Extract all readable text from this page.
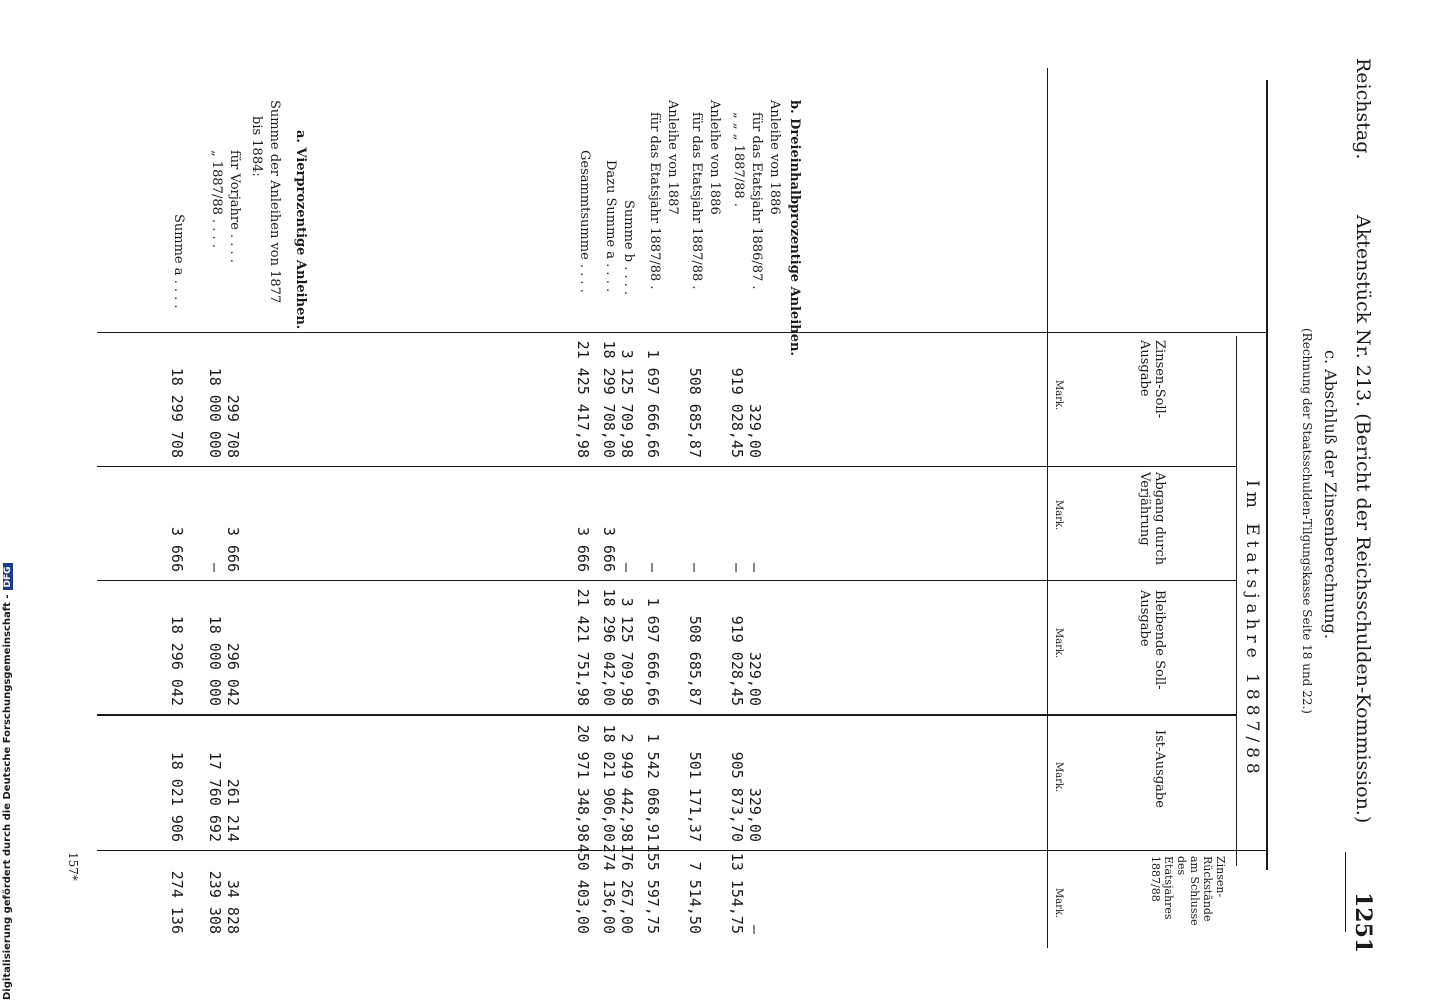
Reichstag.
Aktenstück Nr. 213. (Bericht der Reichsschulden-Kommission.)
1251
c. Abschluß der Zinsenberechnung.
(Rechnung der Staatsschulden-Tilgungskasse Seite 18 und 22.)
Im Etatsjahre 1887/88
Zinsen-Soll-Ausgabe
Abgang durch Verjährung
Bleibende Soll-Ausgabe
Ist-Ausgabe
Zinsen-Rückstände am Schlusse des Etatsjahres 1887/88
Mark.
Mark.
Mark.
Mark.
Mark.
a. Vierprozentige Anleihen.
Summe der Anleihen von 1877
bis 1884:
für Vorjahre . . . .
„ 1887/88 . . . .
Summe a . . . .	b. Dreieinhalbprozentige Anleihen.
Anleihe von 1886
für das Etatsjahr 1886/87 .
„ „ „ 1887/88 .
Anleihe von 1886
für das Etatsjahr 1887/88 .
Anleihe von 1887
für das Etatsjahr 1887/88 .
Summe b . . . .
Dazu Summe a . . . .
Gesammtsumme . . . .
299 708
3 666
296 042
261 214
34 828
18 000 000
—
18 000 000
17 760 692
239 308
18 299 708
3 666
18 296 042
18 021 906
274 136
329,00
—
329,00
329,00
—
919 028,45
—
919 028,45
905 873,70
13 154,75
508 685,87
—
508 685,87
501 171,37
7 514,50
1 697 666,66
—
1 697 666,66
1 542 068,91
155 597,75
3 125 709,98
—
3 125 709,98
2 949 442,98
176 267,00
18 299 708,00
3 666
18 296 042,00
18 021 906,00
274 136,00
21 425 417,98
3 666
21 421 751,98
20 971 348,98
450 403,00
Digitalisierung gefördert durch die Deutsche Forschungsgemeinschaft -DFG
157*
